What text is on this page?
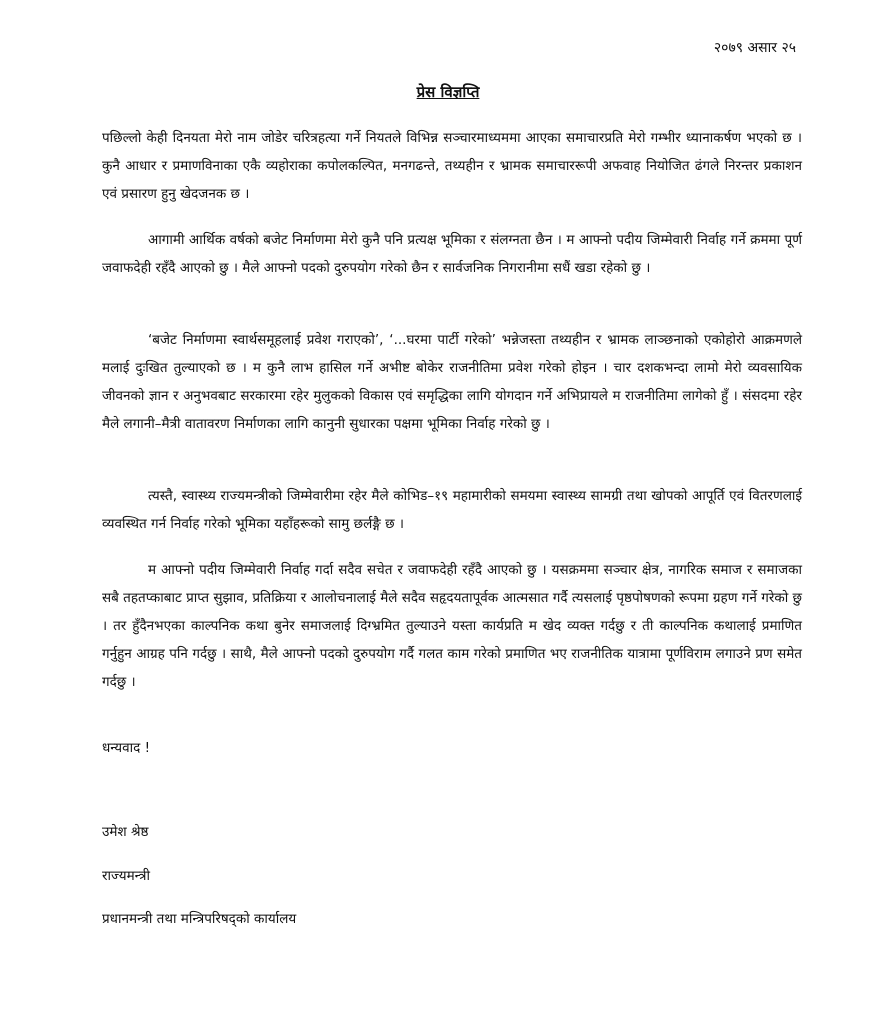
२०७९ असार २५
प्रेस विज्ञप्ति

पछिल्लो केही दिनयता मेरो नाम जोडेर चरित्रहत्या गर्ने नियतले विभिन्न सञ्चारमाध्यममा आएका समाचारप्रति मेरो गम्भीर ध्यानाकर्षण भएको छ । कुनै आधार र प्रमाणविनाका एकै व्यहोराका कपोलकल्पित, मनगढन्ते, तथ्यहीन र भ्रामक समाचाररूपी अफवाह नियोजित ढंगले निरन्तर प्रकाशन एवं प्रसारण हुनु खेदजनक छ ।

आगामी आर्थिक वर्षको बजेट निर्माणमा मेरो कुनै पनि प्रत्यक्ष भूमिका र संलग्नता छैन । म आफ्नो पदीय जिम्मेवारी निर्वाह गर्ने क्रममा पूर्ण जवाफदेही रहँदै आएको छु । मैले आफ्नो पदको दुरुपयोग गरेको छैन र सार्वजनिक निगरानीमा सधैं खडा रहेको छु ।

‘बजेट निर्माणमा स्वार्थसमूहलाई प्रवेश गराएको’, ‘...घरमा पार्टी गरेको’ भन्नेजस्ता तथ्यहीन र भ्रामक लाञ्छनाको एकोहोरो आक्रमणले मलाई दुःखित तुल्याएको छ । म कुनै लाभ हासिल गर्ने अभीष्ट बोकेर राजनीतिमा प्रवेश गरेको होइन । चार दशकभन्दा लामो मेरो व्यवसायिक जीवनको ज्ञान र अनुभवबाट सरकारमा रहेर मुलुकको विकास एवं समृद्धिका लागि योगदान गर्ने अभिप्रायले म राजनीतिमा लागेको हुँ । संसदमा रहेर मैले लगानी–मैत्री वातावरण निर्माणका लागि कानुनी सुधारका पक्षमा भूमिका निर्वाह गरेको छु ।

त्यस्तै, स्वास्थ्य राज्यमन्त्रीको जिम्मेवारीमा रहेर मैले कोभिड–१९ महामारीको समयमा स्वास्थ्य सामग्री तथा खोपको आपूर्ति एवं वितरणलाई व्यवस्थित गर्न निर्वाह गरेको भूमिका यहाँहरूको सामु छर्लङ्गै छ ।

म आफ्नो पदीय जिम्मेवारी निर्वाह गर्दा सदैव सचेत र जवाफदेही रहँदै आएको छु । यसक्रममा सञ्चार क्षेत्र, नागरिक समाज र समाजका सबै तहतप्काबाट प्राप्त सुझाव, प्रतिक्रिया र आलोचनालाई मैले सदैव सहृदयतापूर्वक आत्मसात गर्दै त्यसलाई पृष्ठपोषणको रूपमा ग्रहण गर्ने गरेको छु । तर हुँदैनभएका काल्पनिक कथा बुनेर समाजलाई दिग्भ्रमित तुल्याउने यस्ता कार्यप्रति म खेद व्यक्त गर्दछु र ती काल्पनिक कथालाई प्रमाणित गर्नुहुन आग्रह पनि गर्दछु । साथै, मैले आफ्नो पदको दुरुपयोग गर्दै गलत काम गरेको प्रमाणित भए राजनीतिक यात्रामा पूर्णविराम लगाउने प्रण समेत गर्दछु ।

धन्यवाद !
उमेश श्रेष्ठ
राज्यमन्त्री
प्रधानमन्त्री तथा मन्त्रिपरिषद्को कार्यालय
